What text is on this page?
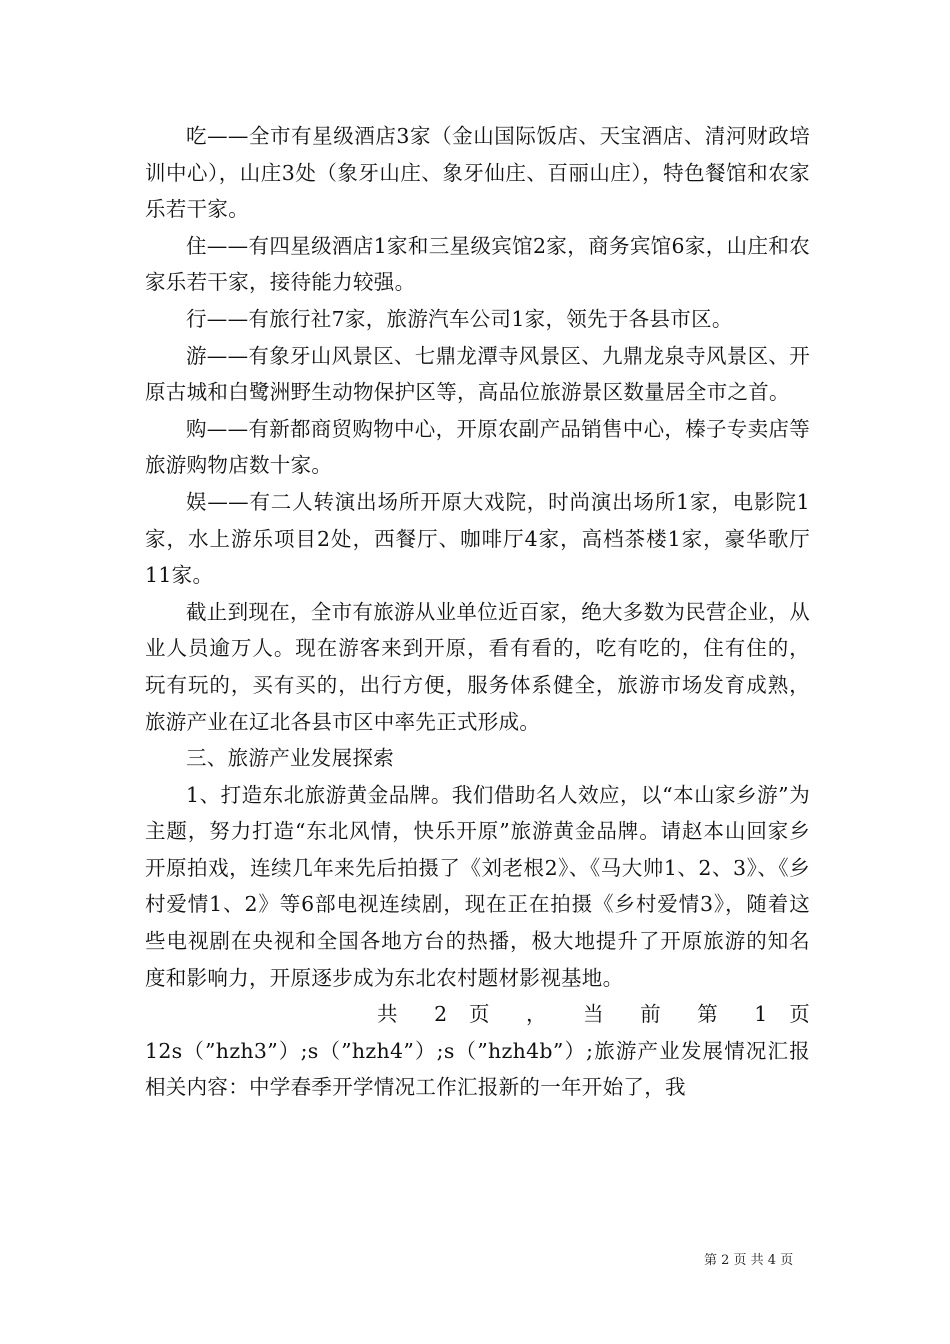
吃——全市有星级酒店3家（金山国际饭店、天宝酒店、清河财政培训中心），山庄3处（象牙山庄、象牙仙庄、百丽山庄），特色餐馆和农家乐若干家。

住——有四星级酒店1家和三星级宾馆2家，商务宾馆6家，山庄和农家乐若干家，接待能力较强。

行——有旅行社7家，旅游汽车公司1家，领先于各县市区。

游——有象牙山风景区、七鼎龙潭寺风景区、九鼎龙泉寺风景区、开原古城和白鹭洲野生动物保护区等，高品位旅游景区数量居全市之首。

购——有新都商贸购物中心，开原农副产品销售中心，榛子专卖店等旅游购物店数十家。

娱——有二人转演出场所开原大戏院，时尚演出场所1家，电影院1家，水上游乐项目2处，西餐厅、咖啡厅4家，高档茶楼1家，豪华歌厅11家。

截止到现在，全市有旅游从业单位近百家，绝大多数为民营企业，从业人员逾万人。现在游客来到开原，看有看的，吃有吃的，住有住的，玩有玩的，买有买的，出行方便，服务体系健全，旅游市场发育成熟，旅游产业在辽北各县市区中率先正式形成。

三、旅游产业发展探索

1、打造东北旅游黄金品牌。我们借助名人效应，以“本山家乡游”为主题，努力打造“东北风情，快乐开原”旅游黄金品牌。请赵本山回家乡开原拍戏，连续几年来先后拍摄了《刘老根2》、《马大帅1、2、3》、《乡村爱情1、2》等6部电视连续剧，现在正在拍摄《乡村爱情3》，随着这些电视剧在央视和全国各地方台的热播，极大地提升了开原旅游的知名度和影响力，开原逐步成为东北农村题材影视基地。

共 2 页 ， 当 前 第 1 页

12s（”hzh3”）;s（”hzh4”）;s（”hzh4b”）;旅游产业发展情况汇报相关内容：中学春季开学情况工作汇报新的一年开始了，我

第 2 页 共 4 页
